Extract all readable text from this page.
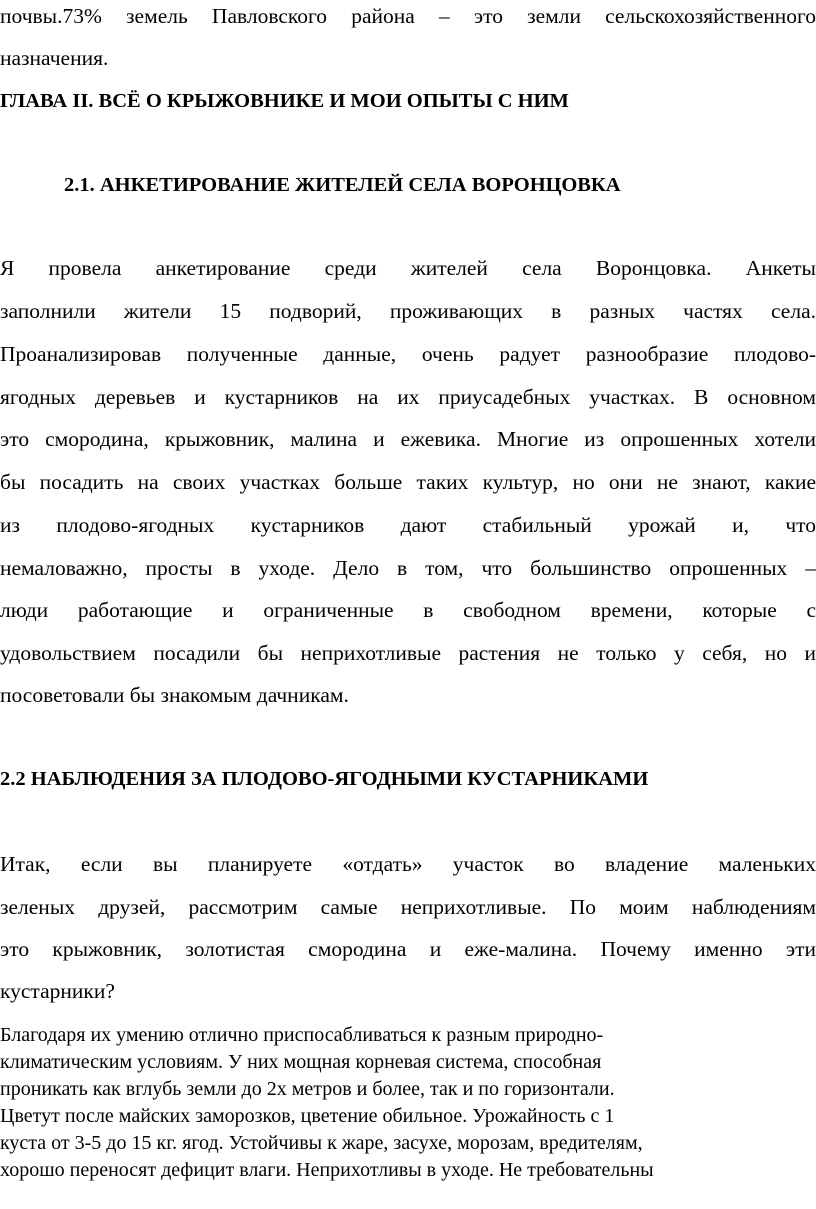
почвы.73% земель Павловского района – это земли сельскохозяйственного
назначения.
ГЛАВА II. ВСЁ О КРЫЖОВНИКЕ И МОИ ОПЫТЫ С НИМ
2.1. АНКЕТИРОВАНИЕ ЖИТЕЛЕЙ СЕЛА ВОРОНЦОВКА
Я провела анкетирование среди жителей села Воронцовка. Анкеты
заполнили жители 15 подворий, проживающих в разных частях села.
Проанализировав полученные данные, очень радует разнообразие плодово-
ягодных деревьев и кустарников на их приусадебных участках. В основном
это смородина, крыжовник, малина и ежевика. Многие из опрошенных хотели
бы посадить на своих участках больше таких культур, но они не знают, какие
из плодово-ягодных кустарников дают стабильный урожай и, что
немаловажно, просты в уходе. Дело в том, что большинство опрошенных –
люди работающие и ограниченные в свободном времени, которые с
удовольствием посадили бы неприхотливые растения не только у себя, но и
посоветовали бы знакомым дачникам.
2.2 НАБЛЮДЕНИЯ ЗА ПЛОДОВО-ЯГОДНЫМИ КУСТАРНИКАМИ
Итак, если вы планируете «отдать» участок во владение маленьких
зеленых друзей, рассмотрим самые неприхотливые. По моим наблюдениям
это крыжовник, золотистая смородина и еже-малина. Почему именно эти
кустарники?
Благодаря их умению отлично приспосабливаться к разным природно-
климатическим условиям. У них мощная корневая система, способная
проникать как вглубь земли до 2х метров и более, так и по горизонтали.
Цветут после майских заморозков, цветение обильное. Урожайность с 1
куста от 3-5 до 15 кг. ягод. Устойчивы к жаре, засухе, морозам, вредителям,
хорошо переносят дефицит влаги. Неприхотливы в уходе. Не требовательны
